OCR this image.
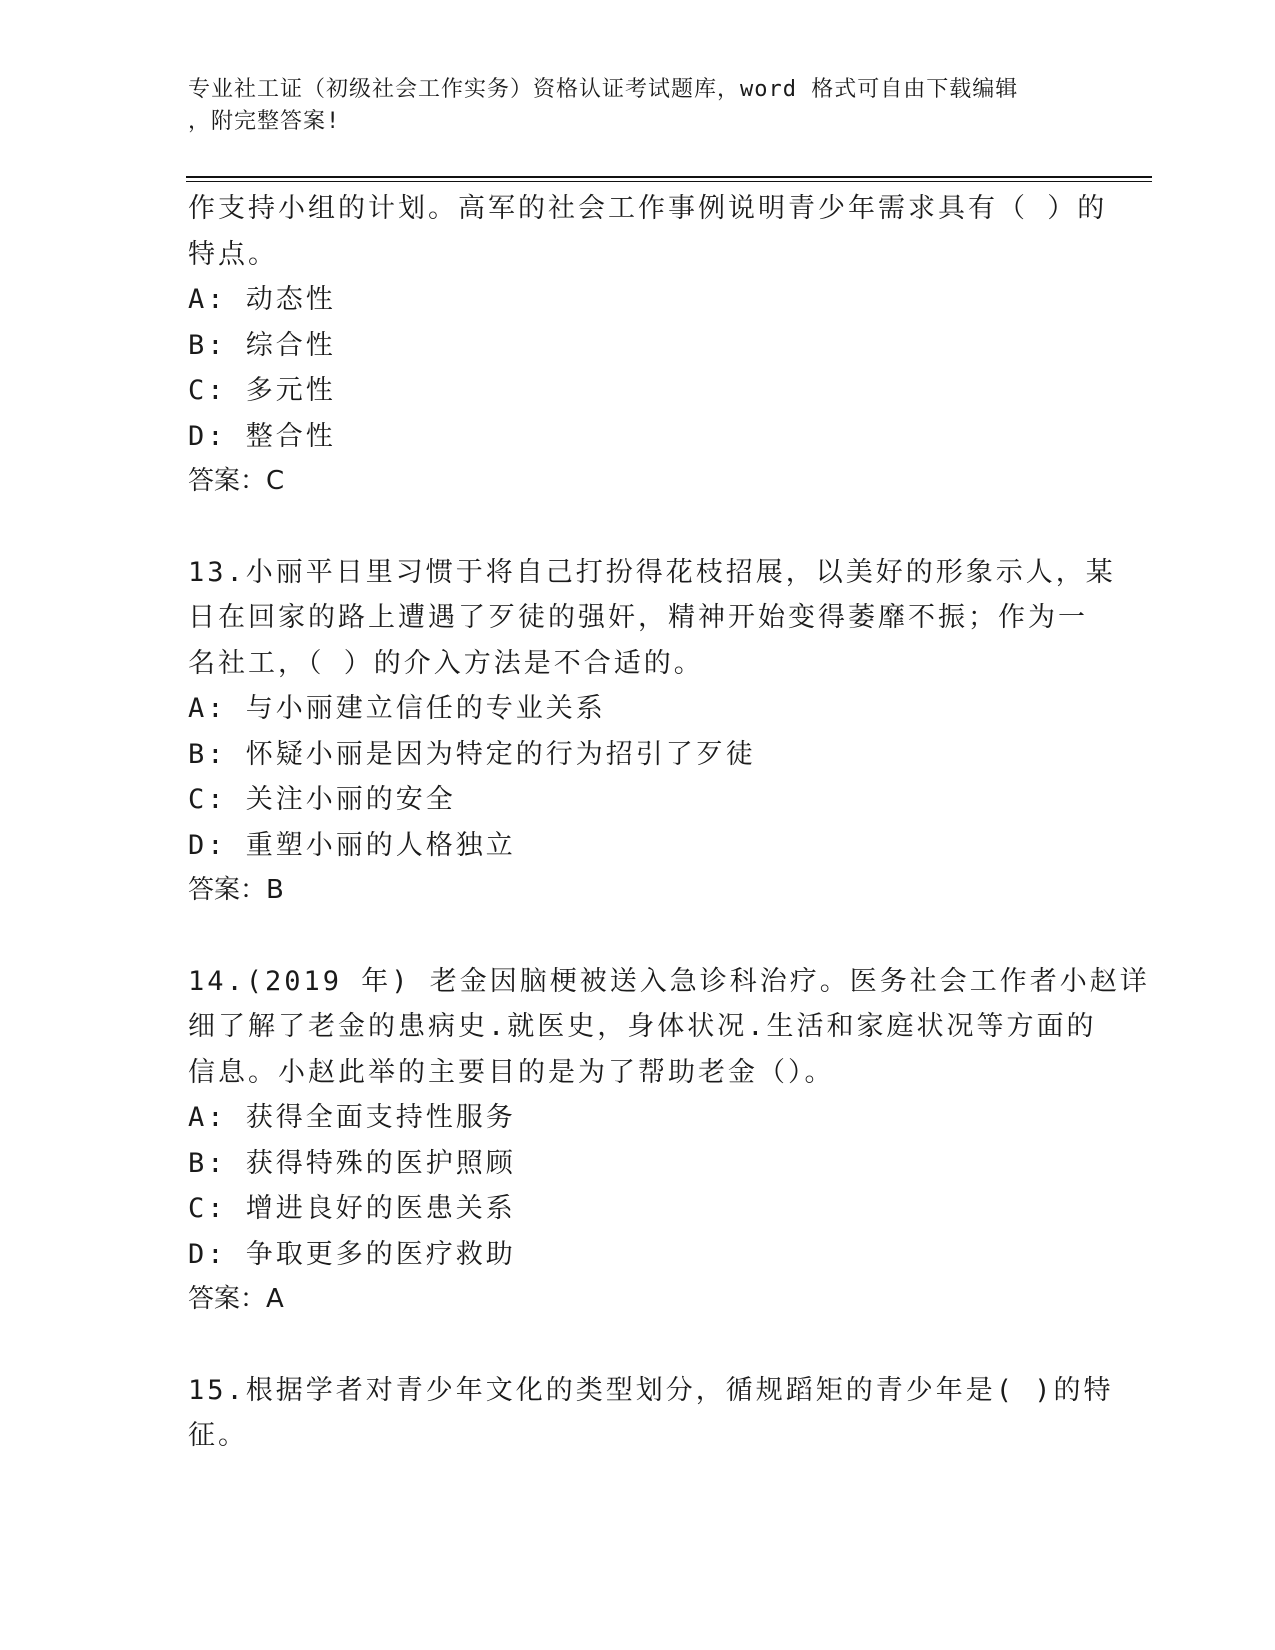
专业社工证（初级社会工作实务）资格认证考试题库，word 格式可自由下载编辑
，附完整答案!
作支持小组的计划。高军的社会工作事例说明青少年需求具有（ ）的
特点。
A: 动态性
B: 综合性
C: 多元性
D: 整合性
答案：C
13.小丽平日里习惯于将自己打扮得花枝招展，以美好的形象示人，某
日在回家的路上遭遇了歹徒的强奸，精神开始变得萎靡不振；作为一
名社工，（ ）的介入方法是不合适的。
A: 与小丽建立信任的专业关系
B: 怀疑小丽是因为特定的行为招引了歹徒
C: 关注小丽的安全
D: 重塑小丽的人格独立
答案：B
14.(2019 年) 老金因脑梗被送入急诊科治疗。医务社会工作者小赵详
细了解了老金的患病史.就医史，身体状况.生活和家庭状况等方面的
信息。小赵此举的主要目的是为了帮助老金（）。
A: 获得全面支持性服务
B: 获得特殊的医护照顾
C: 增进良好的医患关系
D: 争取更多的医疗救助
答案：A
15.根据学者对青少年文化的类型划分，循规蹈矩的青少年是( )的特
征。
